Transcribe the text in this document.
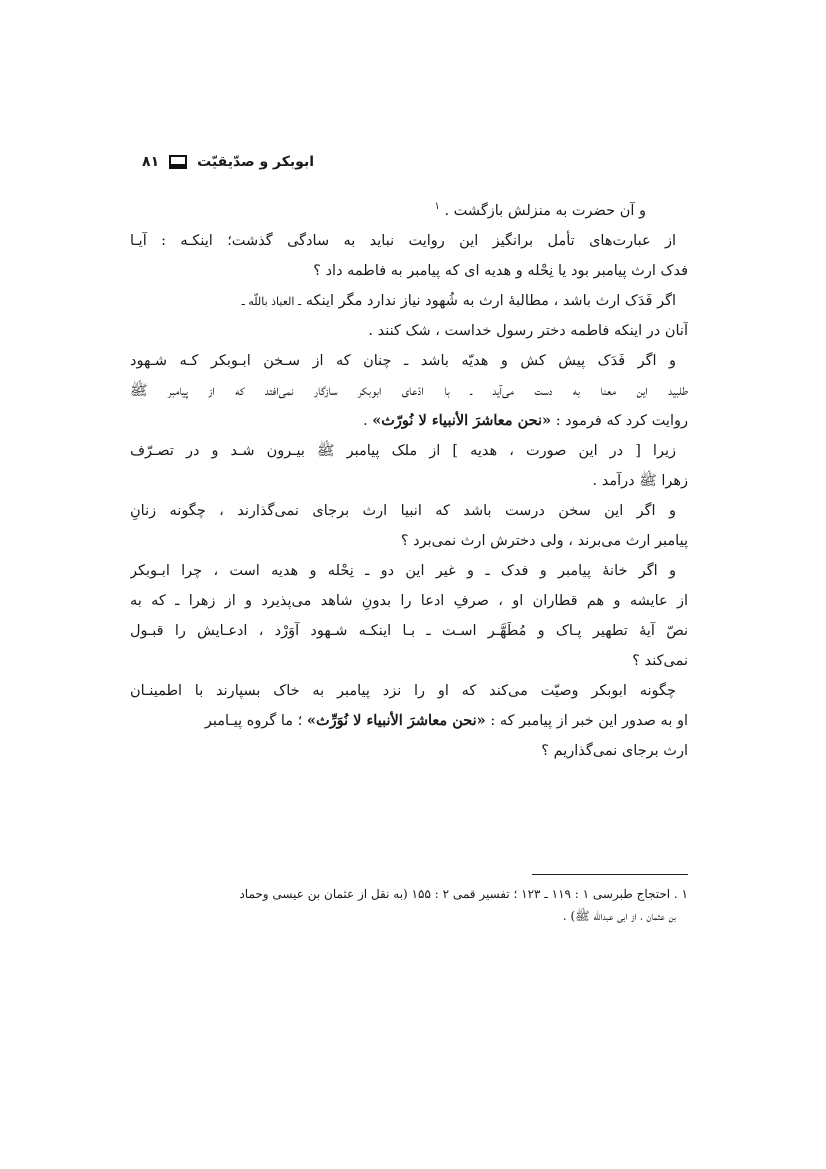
ابوبکر و صدّیقیّت
۸۱
و آن حضرت به منزلش بازگشت . $^۱$
از عبارت‌های تأمل برانگیز این روایت نباید به سادگی گذشت؛ اینکـه : آیـا
فدک ارث پیامبر بود یا نِحْله و هدیه ای که پیامبر به فاطمه داد ؟
اگر فَدَک ارث باشد ، مطالبهٔ ارث به شُهود نیاز ندارد مگر اینکه ـ العیاذ باللّه ـ
آنان در اینکه فاطمه دختر رسول خداست ، شک کنند .
و اگر فَدَک پیش کش و هدیّه باشد ـ چنان که از سـخن ابـوبکر کـه شـهود
طلبید این معنا به دست می‌آید ـ با ادّعای ابوبکر سازگار نمی‌افتد که از پیامبر ﷺ
روایت کرد که فرمود : «نحن معاشرَ الأنبیاء لا نُورّث» .
زیرا [ در این صورت ، هدیه ] از ملک پیامبر ﷺ بیـرون شـد و در تصـرّف
زهرا ﷺ درآمد .
و اگر این سخن درست باشد که انبیا ارث برجای نمی‌گذارند ، چگونه زنانِ
پیامبر ارث می‌برند ، ولی دخترش ارث نمی‌برد ؟
و اگر خانهٔ پیامبر و فدک ـ و غیر این دو ـ نِحْله و هدیه است ، چرا ابـوبکر
از عایشه و هم قطاران او ، صرفِ ادعا را بدونِ شاهد می‌پذیرد و از زهرا ـ که به
نصّ آیهٔ تطهیر پـاک و مُطَهَّـر اسـت ـ بـا اینکـه شـهود آوَرْد ، ادعـایش را قبـول
نمی‌کند ؟
چگونه ابوبکر وصیّت می‌کند که او را نزد پیامبر به خاک بسپارند با اطمینـان
او به صدور این خبر از پیامبر که : «نحن معاشرَ الأنبیاء لا نُوَرِّث» ؛ ما گروه پیـامبر
ارث برجای نمی‌گذاریم ؟
۱ . احتجاج طبرسی ۱ : ۱۱۹ ـ ۱۲۳ ؛ تفسیر قمی ۲ : ۱۵۵ (به نقل از عثمان بن عیسی وحماد
بن عثمان ، از ابی عبدالله ﷺ) .
